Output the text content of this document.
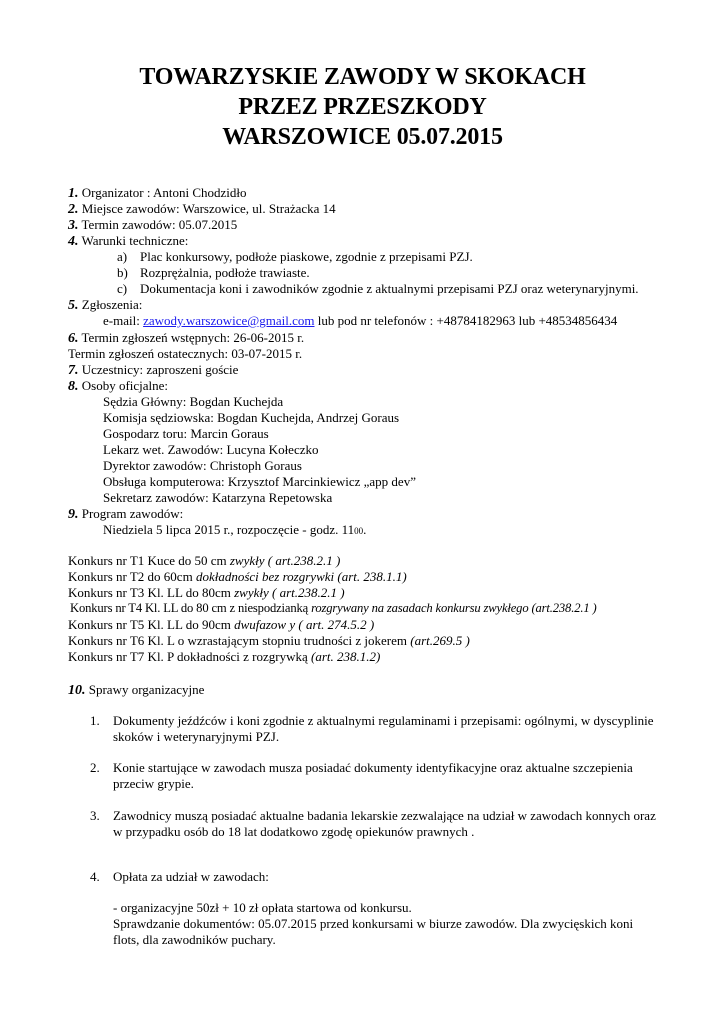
TOWARZYSKIE ZAWODY W SKOKACH
PRZEZ PRZESZKODY
WARSZOWICE 05.07.2015
1. Organizator : Antoni Chodzidło
2. Miejsce zawodów: Warszowice, ul. Strażacka 14
3. Termin zawodów: 05.07.2015
4. Warunki techniczne:
a) Plac konkursowy, podłoże piaskowe, zgodnie z przepisami PZJ.
b) Rozprężalnia, podłoże trawiaste.
c) Dokumentacja koni i zawodników zgodnie z aktualnymi przepisami PZJ oraz weterynaryjnymi.
5. Zgłoszenia:
e-mail: zawody.warszowice@gmail.com lub pod nr telefonów : +48784182963 lub +48534856434
6. Termin zgłoszeń wstępnych: 26-06-2015 r.
Termin zgłoszeń ostatecznych: 03-07-2015 r.
7. Uczestnicy: zaproszeni goście
8. Osoby oficjalne:
Sędzia Główny: Bogdan Kuchejda
Komisja sędziowska: Bogdan Kuchejda, Andrzej Goraus
Gospodarz toru: Marcin Goraus
Lekarz wet. Zawodów: Lucyna Kołeczko
Dyrektor zawodów: Christoph Goraus
Obsługa komputerowa: Krzysztof Marcinkiewicz „app dev”
Sekretarz zawodów: Katarzyna Repetowska
9. Program zawodów:
Niedziela 5 lipca 2015 r., rozpoczęcie - godz. 1100.
Konkurs nr T1 Kuce do 50 cm zwykły ( art.238.2.1 )
Konkurs nr T2 do 60cm dokładności bez rozgrywki (art. 238.1.1)
Konkurs nr T3 Kl. LL do 80cm zwykły ( art.238.2.1 )
Konkurs nr T4 Kl. LL do 80 cm z niespodzianką rozgrywany na zasadach konkursu zwykłego (art.238.2.1 )
Konkurs nr T5 Kl. LL do 90cm dwufazow y ( art. 274.5.2 )
Konkurs nr T6 Kl. L o wzrastającym stopniu trudności z jokerem (art.269.5 )
Konkurs nr T7 Kl. P dokładności z rozgrywką (art. 238.1.2)
10. Sprawy organizacyjne
1. Dokumenty jeźdźców i koni zgodnie z aktualnymi regulaminami i przepisami: ogólnymi, w dyscyplinie
skoków i weterynaryjnymi PZJ.
2. Konie startujące w zawodach musza posiadać dokumenty identyfikacyjne oraz aktualne szczepienia
przeciw grypie.
3. Zawodnicy muszą posiadać aktualne badania lekarskie zezwalające na udział w zawodach konnych oraz
w przypadku osób do 18 lat dodatkowo zgodę opiekunów prawnych .
4. Opłata za udział w zawodach:
- organizacyjne 50zł + 10 zł opłata startowa od konkursu.
Sprawdzanie dokumentów: 05.07.2015 przed konkursami w biurze zawodów. Dla zwycięskich koni
flots, dla zawodników puchary.
